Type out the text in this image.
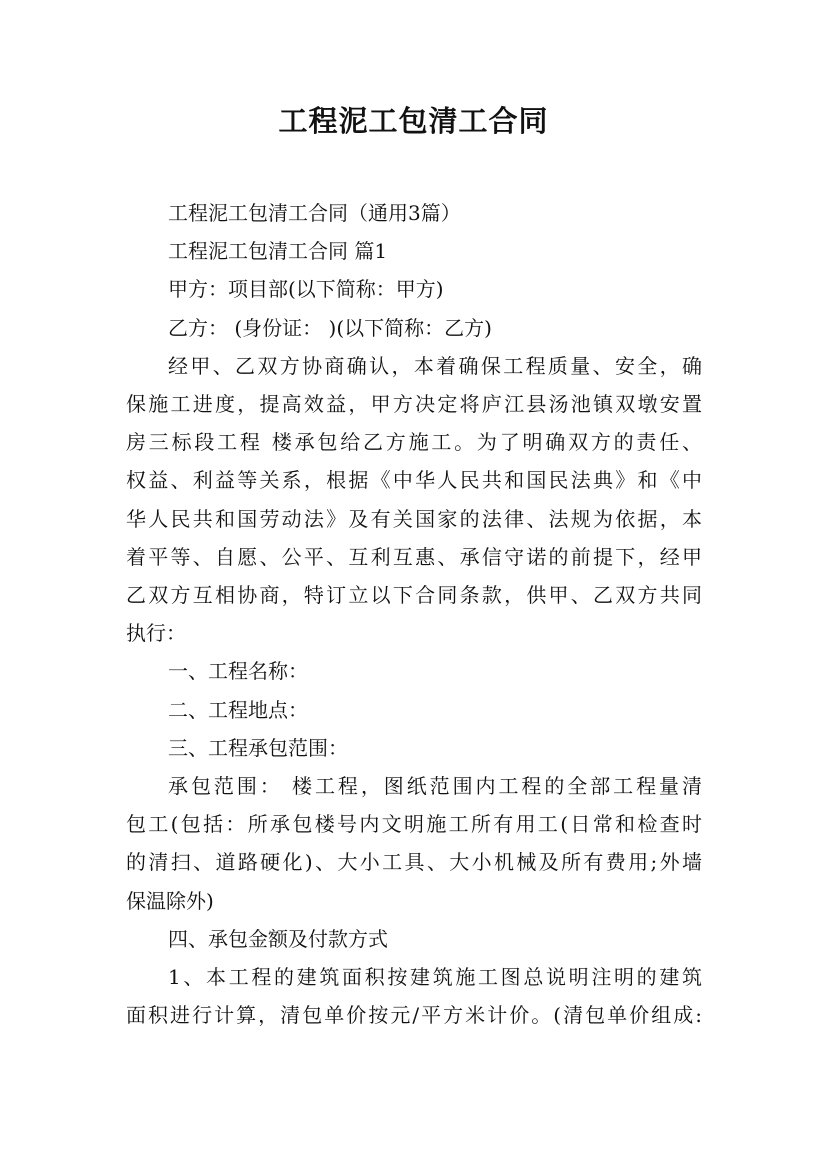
工程泥工包清工合同
工程泥工包清工合同（通用3篇）
工程泥工包清工合同 篇1
甲方：项目部(以下简称：甲方)
乙方： (身份证： )(以下简称：乙方)
经甲、乙双方协商确认，本着确保工程质量、安全，确
保施工进度，提高效益，甲方决定将庐江县汤池镇双墩安置
房三标段工程 楼承包给乙方施工。为了明确双方的责任、
权益、利益等关系，根据《中华人民共和国民法典》和《中
华人民共和国劳动法》及有关国家的法律、法规为依据，本
着平等、自愿、公平、互利互惠、承信守诺的前提下，经甲
乙双方互相协商，特订立以下合同条款，供甲、乙双方共同
执行：
一、工程名称：
二、工程地点：
三、工程承包范围：
承包范围： 楼工程，图纸范围内工程的全部工程量清
包工(包括：所承包楼号内文明施工所有用工(日常和检查时
的清扫、道路硬化)、大小工具、大小机械及所有费用;外墙
保温除外)
四、承包金额及付款方式
1、本工程的建筑面积按建筑施工图总说明注明的建筑
面积进行计算，清包单价按元/平方米计价。(清包单价组成:
